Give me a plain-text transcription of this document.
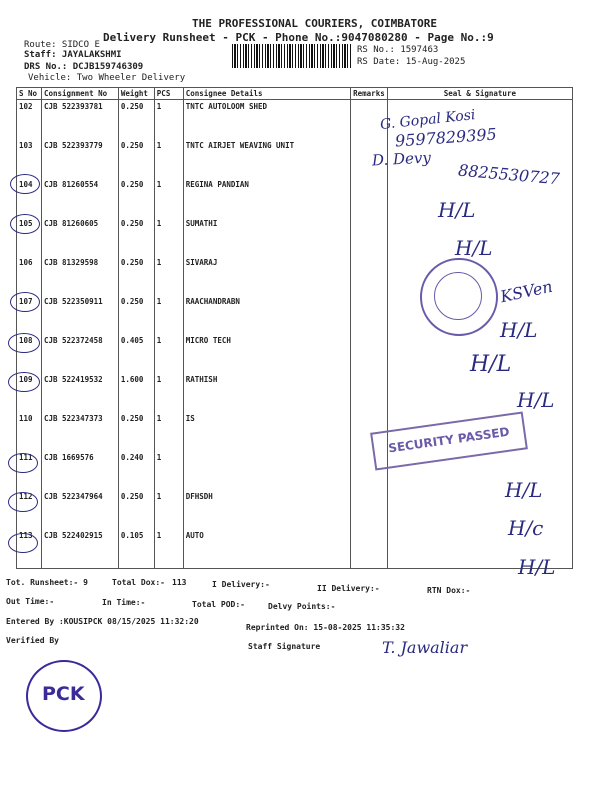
THE PROFESSIONAL COURIERS, COIMBATORE
Delivery Runsheet - PCK - Phone No.:9047080280 - Page No.:9
Route: SIDCO E
Staff: JAYALAKSHMI
DRS No.: DCJB159746309
Vehicle: Two Wheeler Delivery
RS No.: 1597463
RS Date: 15-Aug-2025
S No	Consignment No	Weight	PCS	Consignee Details	Remarks	Seal & Signature
102	CJB 522393781	0.250	1	TNTC AUTOLOOM SHED		
103	CJB 522393779	0.250	1	TNTC AIRJET WEAVING UNIT		
104	CJB 81260554	0.250	1	REGINA PANDIAN		
105	CJB 81260605	0.250	1	SUMATHI		
106	CJB 81329598	0.250	1	SIVARAJ		
107	CJB 522350911	0.250	1	RAACHANDRABN		
108	CJB 522372458	0.405	1	MICRO TECH		
109	CJB 522419532	1.600	1	RATHISH		
110	CJB 522347373	0.250	1	IS		
111	CJB 1669576	0.240	1			
112	CJB 522347964	0.250	1	DFHSDH		
113	CJB 522402915	0.105	1	AUTO		
G. Gopal Kosi
9597829395
D. Devy
8825530727
H/L
H/L
KSVen
H/L
H/L
H/L
H/L
H/c
H/L
SECURITY PASSED
Tot. Runsheet:- 9	Total Dox:- 113	I Delivery:-	II Delivery:-	RTN Dox:-
Out Time:-	In Time:-	Total POD:-	Delvy Points:-
Entered By :KOUSIPCK 08/15/2025 11:32:20
Reprinted On: 15-08-2025 11:35:32
Verified By
Staff Signature	T. Jawaliar
PCK
